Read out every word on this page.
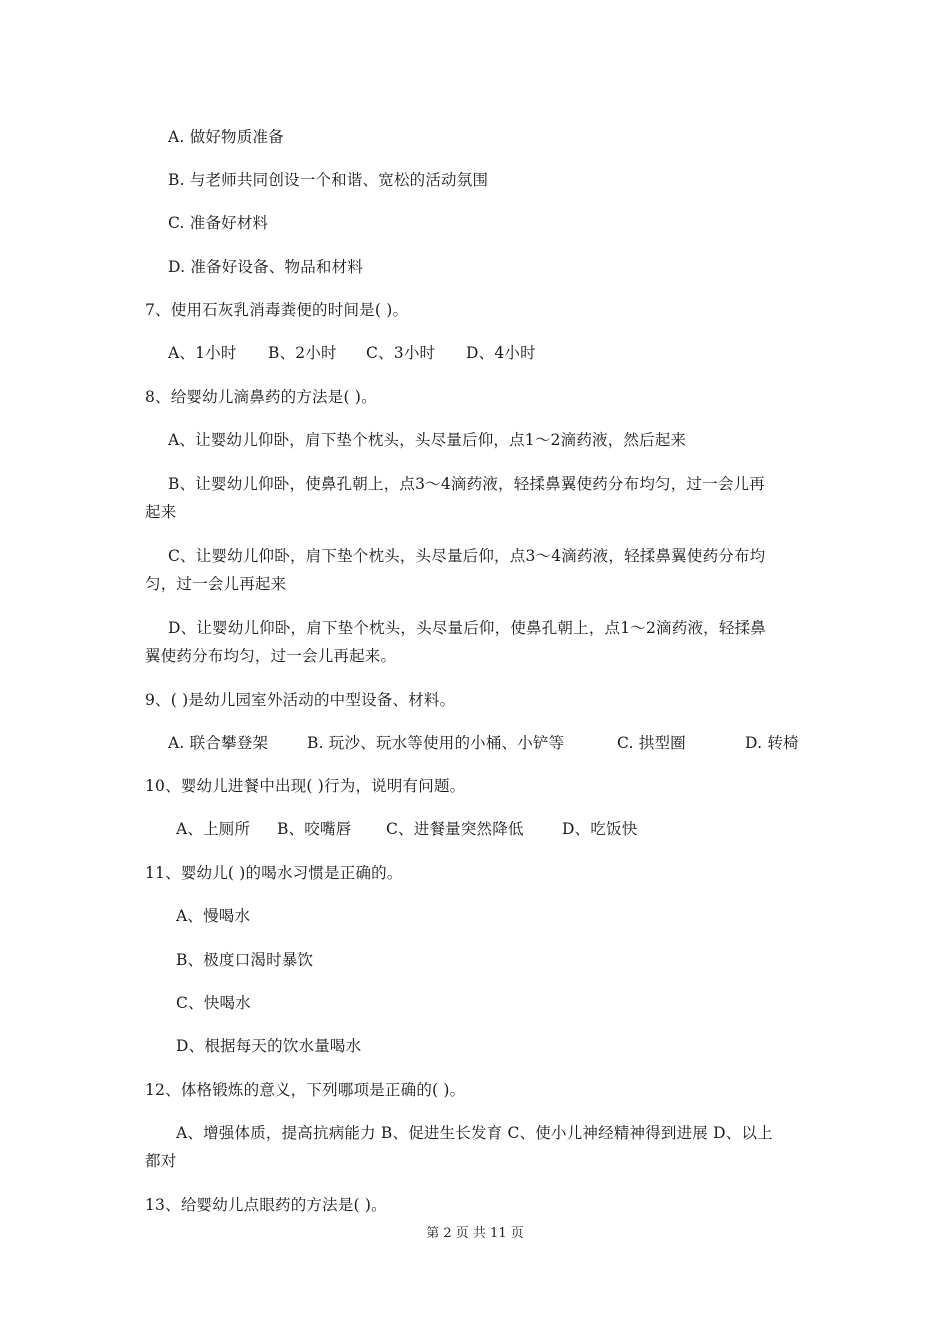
A. 做好物质准备
B. 与老师共同创设一个和谐、宽松的活动氛围
C. 准备好材料
D. 准备好设备、物品和材料
7、使用石灰乳消毒粪便的时间是( )。
A、1小时 B、2小时 C、3小时 D、4小时
8、给婴幼儿滴鼻药的方法是( )。
A、让婴幼儿仰卧，肩下垫个枕头，头尽量后仰，点1～2滴药液，然后起来
B、让婴幼儿仰卧，使鼻孔朝上，点3～4滴药液，轻揉鼻翼使药分布均匀，过一会儿再
起来
C、让婴幼儿仰卧，肩下垫个枕头，头尽量后仰，点3～4滴药液，轻揉鼻翼使药分布均
匀，过一会儿再起来
D、让婴幼儿仰卧，肩下垫个枕头，头尽量后仰，使鼻孔朝上，点1～2滴药液，轻揉鼻
翼使药分布均匀，过一会儿再起来。
9、( )是幼儿园室外活动的中型设备、材料。
A. 联合攀登架	B. 玩沙、玩水等使用的小桶、小铲等	C. 拱型圈	D. 转椅
10、婴幼儿进餐中出现( )行为，说明有问题。
A、上厕所 B、咬嘴唇 C、进餐量突然降低 D、吃饭快
11、婴幼儿( )的喝水习惯是正确的。
A、慢喝水
B、极度口渴时暴饮
C、快喝水
D、根据每天的饮水量喝水
12、体格锻炼的意义，下列哪项是正确的( )。
A、增强体质，提高抗病能力 B、促进生长发育 C、使小儿神经精神得到进展 D、以上
都对
13、给婴幼儿点眼药的方法是( )。
第 2 页 共 11 页
